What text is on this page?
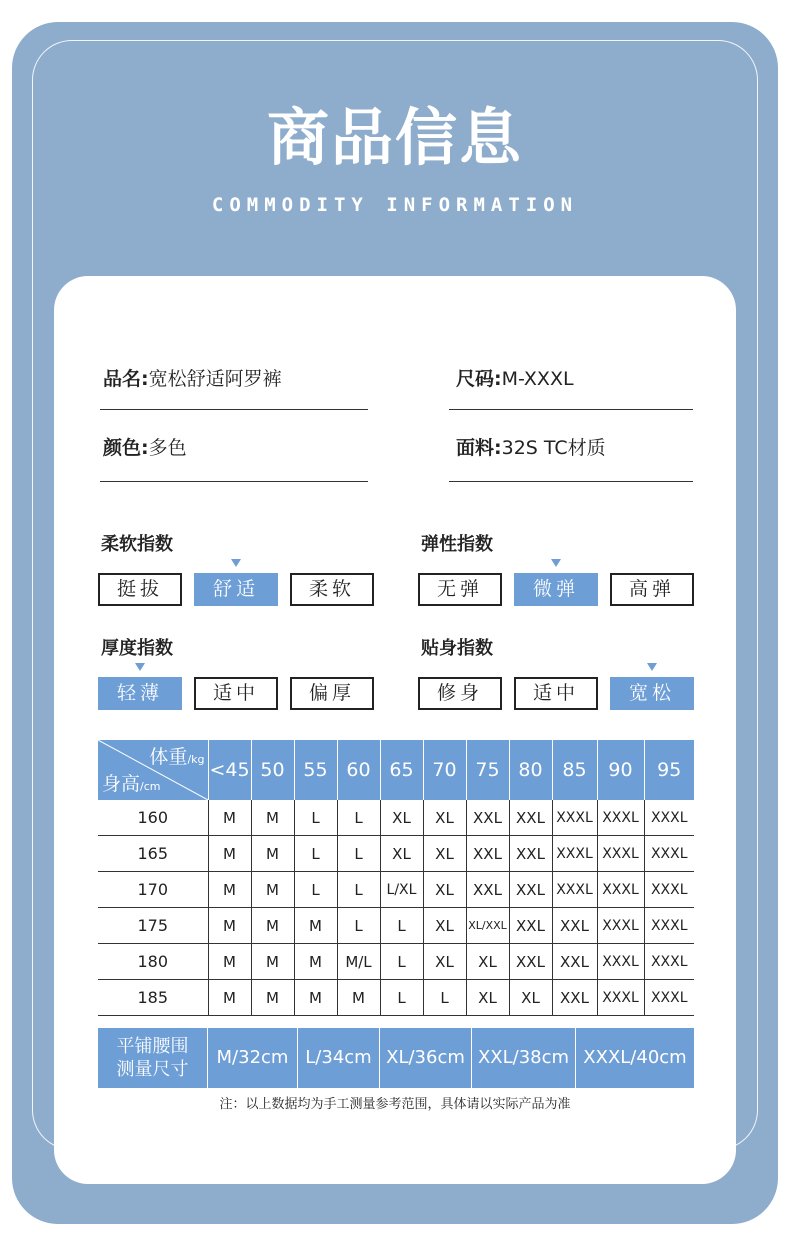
商品信息
COMMODITY INFORMATION
品名:宽松舒适阿罗裤	尺码:M-XXXL
颜色:多色	面料:32S TC材质
柔软指数	弹性指数
厚度指数	贴身指数
体重/kg
身高/cm	<45	50	55	60	65	70	75	80	85	90	95
160	M	M	L	L	XL	XL	XXL	XXL	XXXL	XXXL	XXXL
165	M	M	L	L	XL	XL	XXL	XXL	XXXL	XXXL	XXXL
170	M	M	L	L	L/XL	XL	XXL	XXL	XXXL	XXXL	XXXL
175	M	M	M	L	L	XL	XL/XXL	XXL	XXL	XXXL	XXXL
180	M	M	M	M/L	L	XL	XL	XXL	XXL	XXXL	XXXL
185	M	M	M	M	L	L	XL	XL	XXL	XXXL	XXXL
平铺腰围
测量尺寸
M/32cm L/34cm XL/36cm XXL/38cm XXXL/40cm
注：以上数据均为手工测量参考范围，具体请以实际产品为准
挺拔	舒适	柔软	无弹	微弹	高弹
轻薄	适中	偏厚	修身	适中	宽松
